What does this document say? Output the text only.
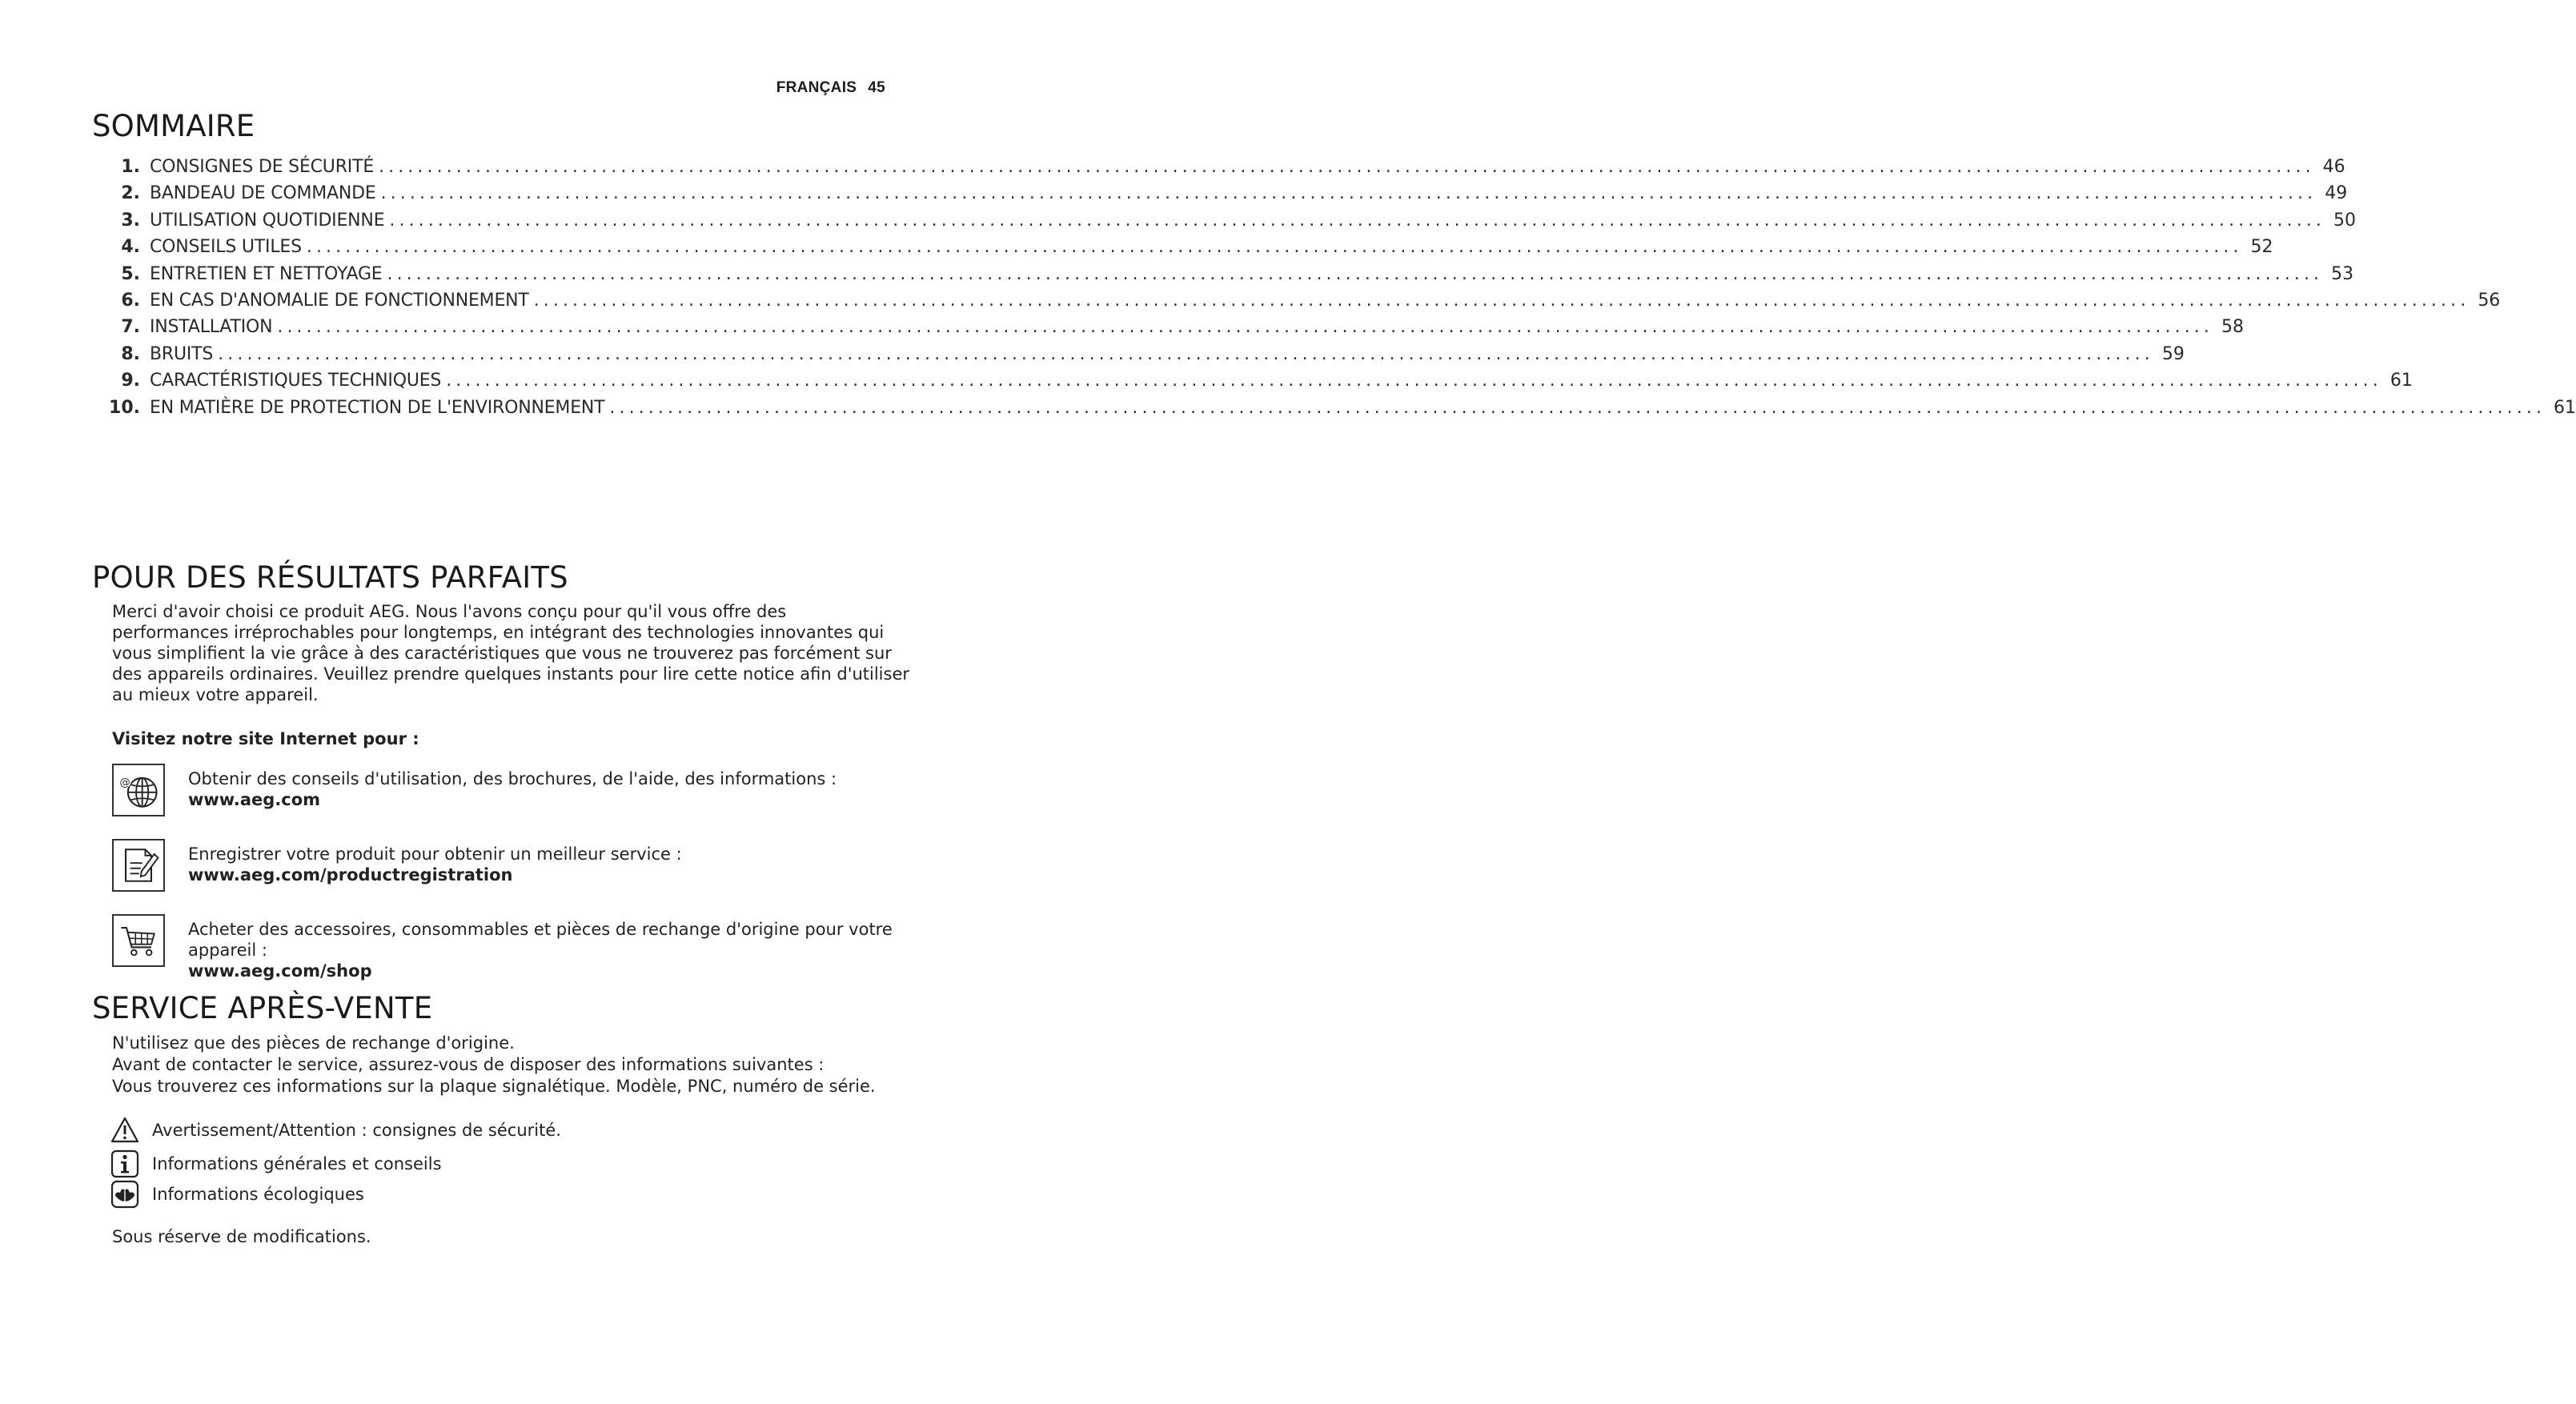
FRANÇAIS 45
SOMMAIRE
1. CONSIGNES DE SÉCURITÉ ........................................................................................................................................................................................................ 46
2. BANDEAU DE COMMANDE ........................................................................................................................................................................................................ 49
3. UTILISATION QUOTIDIENNE ........................................................................................................................................................................................................ 50
4. CONSEILS UTILES ........................................................................................................................................................................................................ 52
5. ENTRETIEN ET NETTOYAGE ........................................................................................................................................................................................................ 53
6. EN CAS D'ANOMALIE DE FONCTIONNEMENT ........................................................................................................................................................................................................ 56
7. INSTALLATION ........................................................................................................................................................................................................ 58
8. BRUITS ........................................................................................................................................................................................................ 59
9. CARACTÉRISTIQUES TECHNIQUES ........................................................................................................................................................................................................ 61
10. EN MATIÈRE DE PROTECTION DE L'ENVIRONNEMENT ........................................................................................................................................................................................................ 61
POUR DES RÉSULTATS PARFAITS
Merci d'avoir choisi ce produit AEG. Nous l'avons conçu pour qu'il vous offre des
performances irréprochables pour longtemps, en intégrant des technologies innovantes qui
vous simplifient la vie grâce à des caractéristiques que vous ne trouverez pas forcément sur
des appareils ordinaires. Veuillez prendre quelques instants pour lire cette notice afin d'utiliser
au mieux votre appareil.
Visitez notre site Internet pour :
@	Obtenir des conseils d'utilisation, des brochures, de l'aide, des informations :
www.aeg.com
Enregistrer votre produit pour obtenir un meilleur service :
www.aeg.com/productregistration
Acheter des accessoires, consommables et pièces de rechange d'origine pour votre
appareil :
www.aeg.com/shop
SERVICE APRÈS-VENTE
N'utilisez que des pièces de rechange d'origine.
Avant de contacter le service, assurez-vous de disposer des informations suivantes :
Vous trouverez ces informations sur la plaque signalétique. Modèle, PNC, numéro de série.
Avertissement/Attention : consignes de sécurité.
Informations générales et conseils
Informations écologiques
Sous réserve de modifications.
